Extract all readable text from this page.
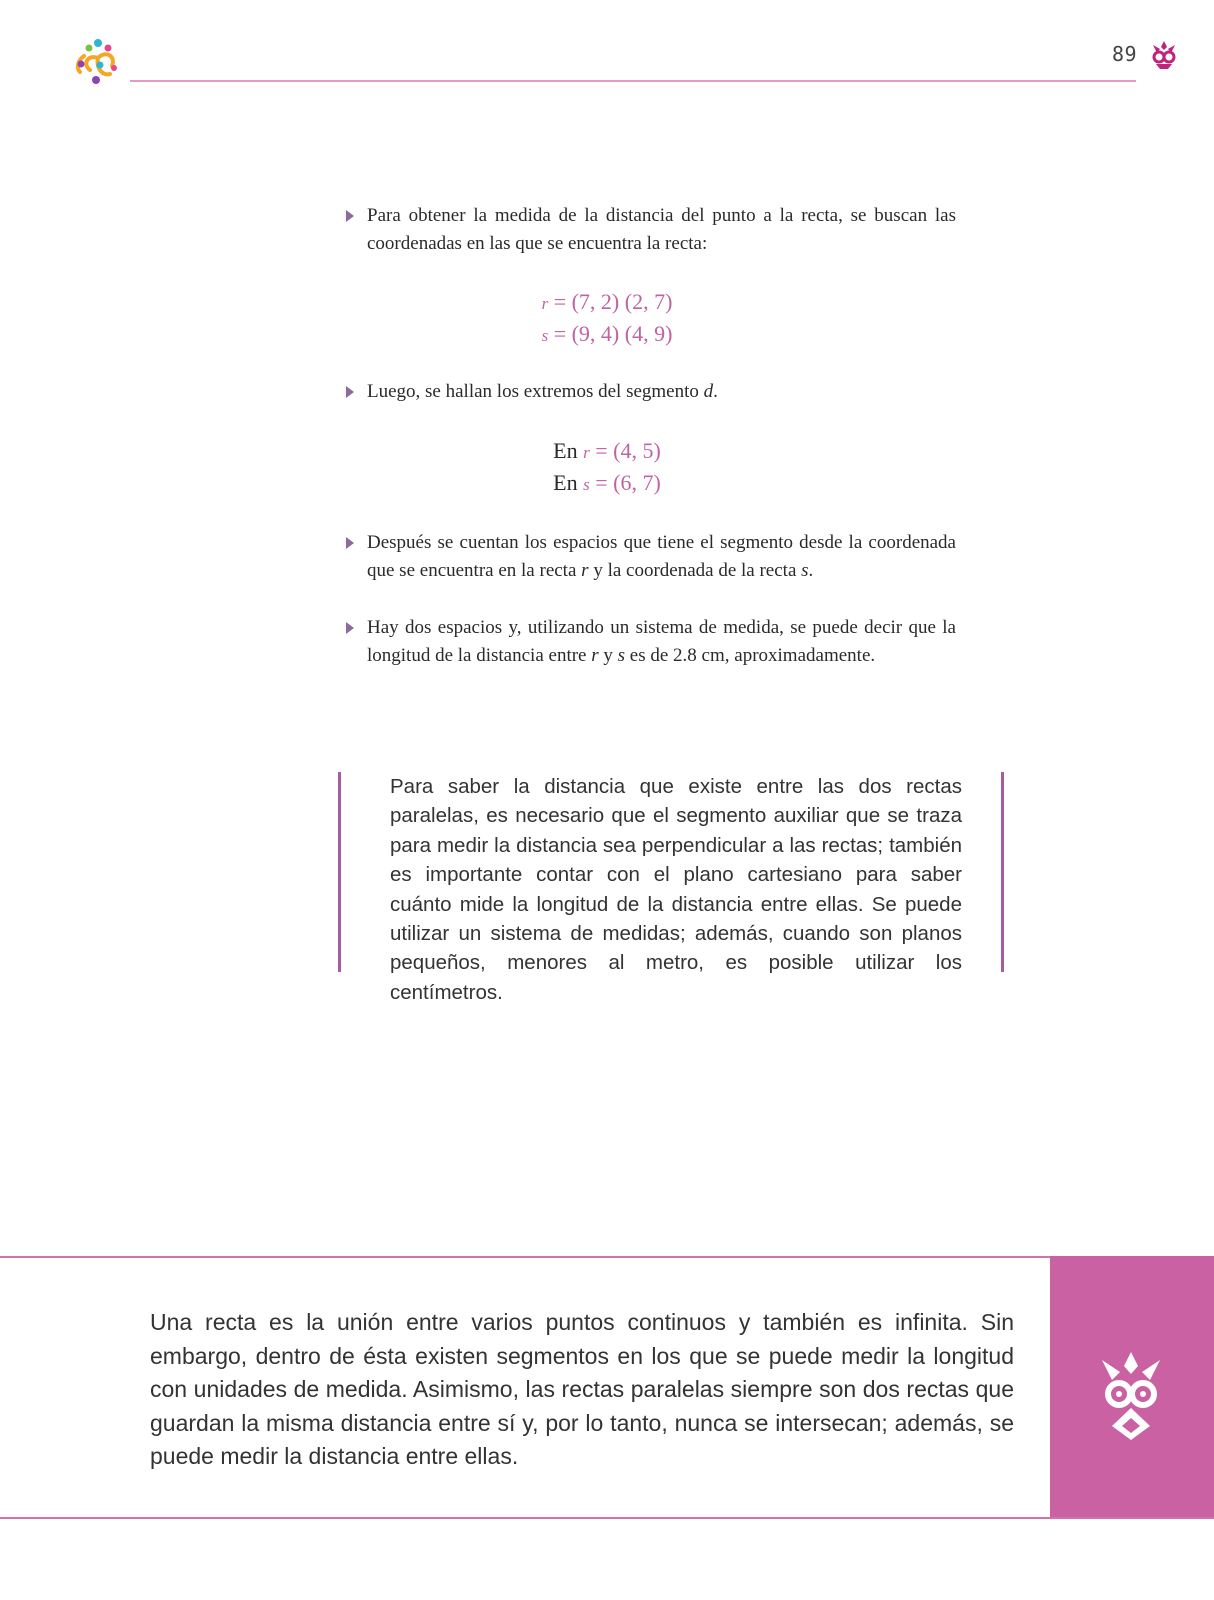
89
Para obtener la medida de la distancia del punto a la recta, se buscan las coordenadas en las que se encuentra la recta:
r = (7, 2) (2, 7)
s = (9, 4) (4, 9)
Luego, se hallan los extremos del segmento d.
En r = (4, 5)
En s = (6, 7)
Después se cuentan los espacios que tiene el segmento desde la coordenada que se encuentra en la recta r y la coordenada de la recta s.
Hay dos espacios y, utilizando un sistema de medida, se puede decir que la longitud de la distancia entre r y s es de 2.8 cm, aproximadamente.
Para saber la distancia que existe entre las dos rectas paralelas, es necesario que el segmento auxiliar que se traza para medir la distancia sea perpendicular a las rectas; también es importante contar con el plano cartesiano para saber cuánto mide la longitud de la distancia entre ellas. Se puede utilizar un sistema de medidas; además, cuando son planos pequeños, menores al metro, es posible utilizar los centímetros.
Una recta es la unión entre varios puntos continuos y también es infinita. Sin embargo, dentro de ésta existen segmentos en los que se puede medir la longitud con unidades de medida. Asimismo, las rectas paralelas siempre son dos rectas que guardan la misma distancia entre sí y, por lo tanto, nunca se intersecan; además, se puede medir la distancia entre ellas.
